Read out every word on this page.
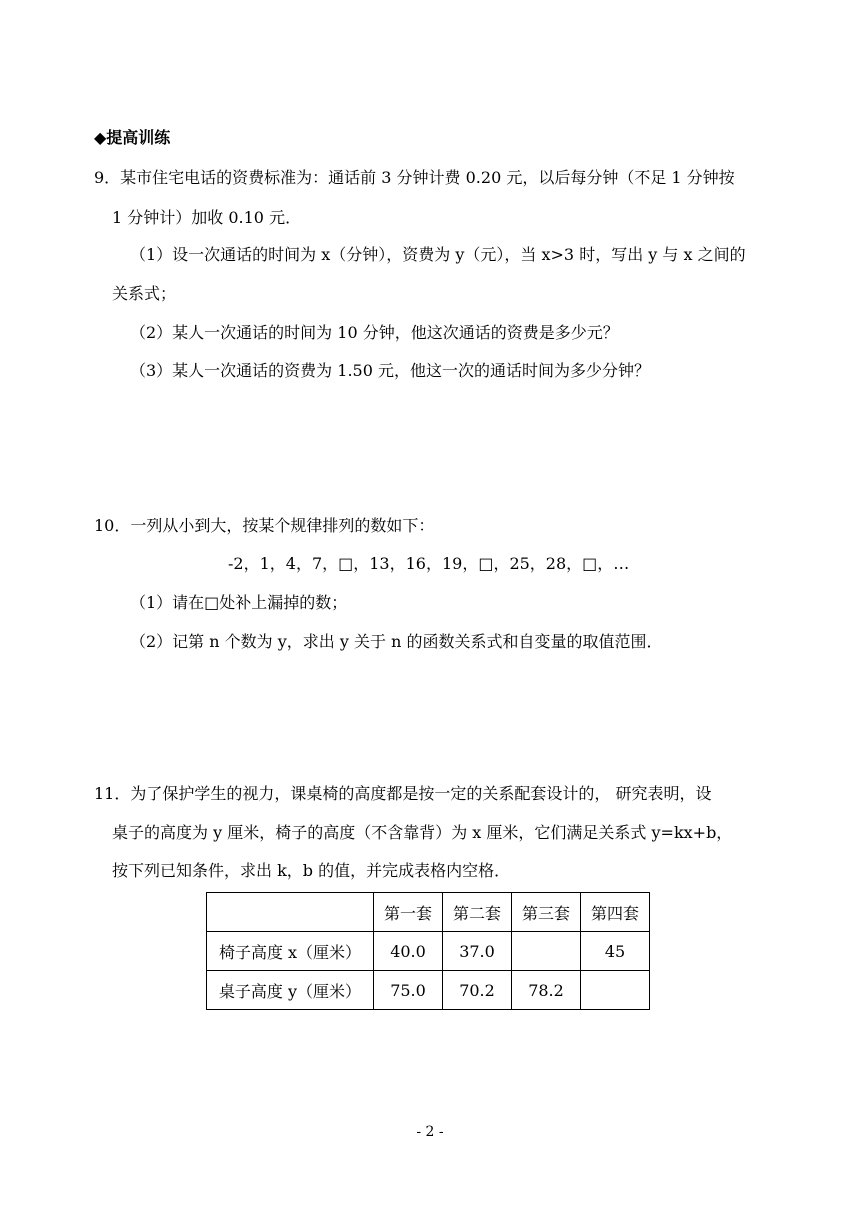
◆提高训练
9．某市住宅电话的资费标准为：通话前 3 分钟计费 0.20 元，以后每分钟（不足 1 分钟按
1 分钟计）加收 0.10 元．
（1）设一次通话的时间为 x（分钟），资费为 y（元），当 x>3 时，写出 y 与 x 之间的
关系式；
（2）某人一次通话的时间为 10 分钟，他这次通话的资费是多少元？
（3）某人一次通话的资费为 1.50 元，他这一次的通话时间为多少分钟？
10．一列从小到大，按某个规律排列的数如下：
-2，1，4，7，□，13，16，19，□，25，28，□，…
（1）请在□处补上漏掉的数；
（2）记第 n 个数为 y，求出 y 关于 n 的函数关系式和自变量的取值范围．
11．为了保护学生的视力，课桌椅的高度都是按一定的关系配套设计的， 研究表明，设
桌子的高度为 y 厘米，椅子的高度（不含靠背）为 x 厘米，它们满足关系式 y=kx+b，
按下列已知条件，求出 k，b 的值，并完成表格内空格．
	第一套	第二套	第三套	第四套
椅子高度 x（厘米）	40.0	37.0		45
桌子高度 y（厘米）	75.0	70.2	78.2	
- 2 -
